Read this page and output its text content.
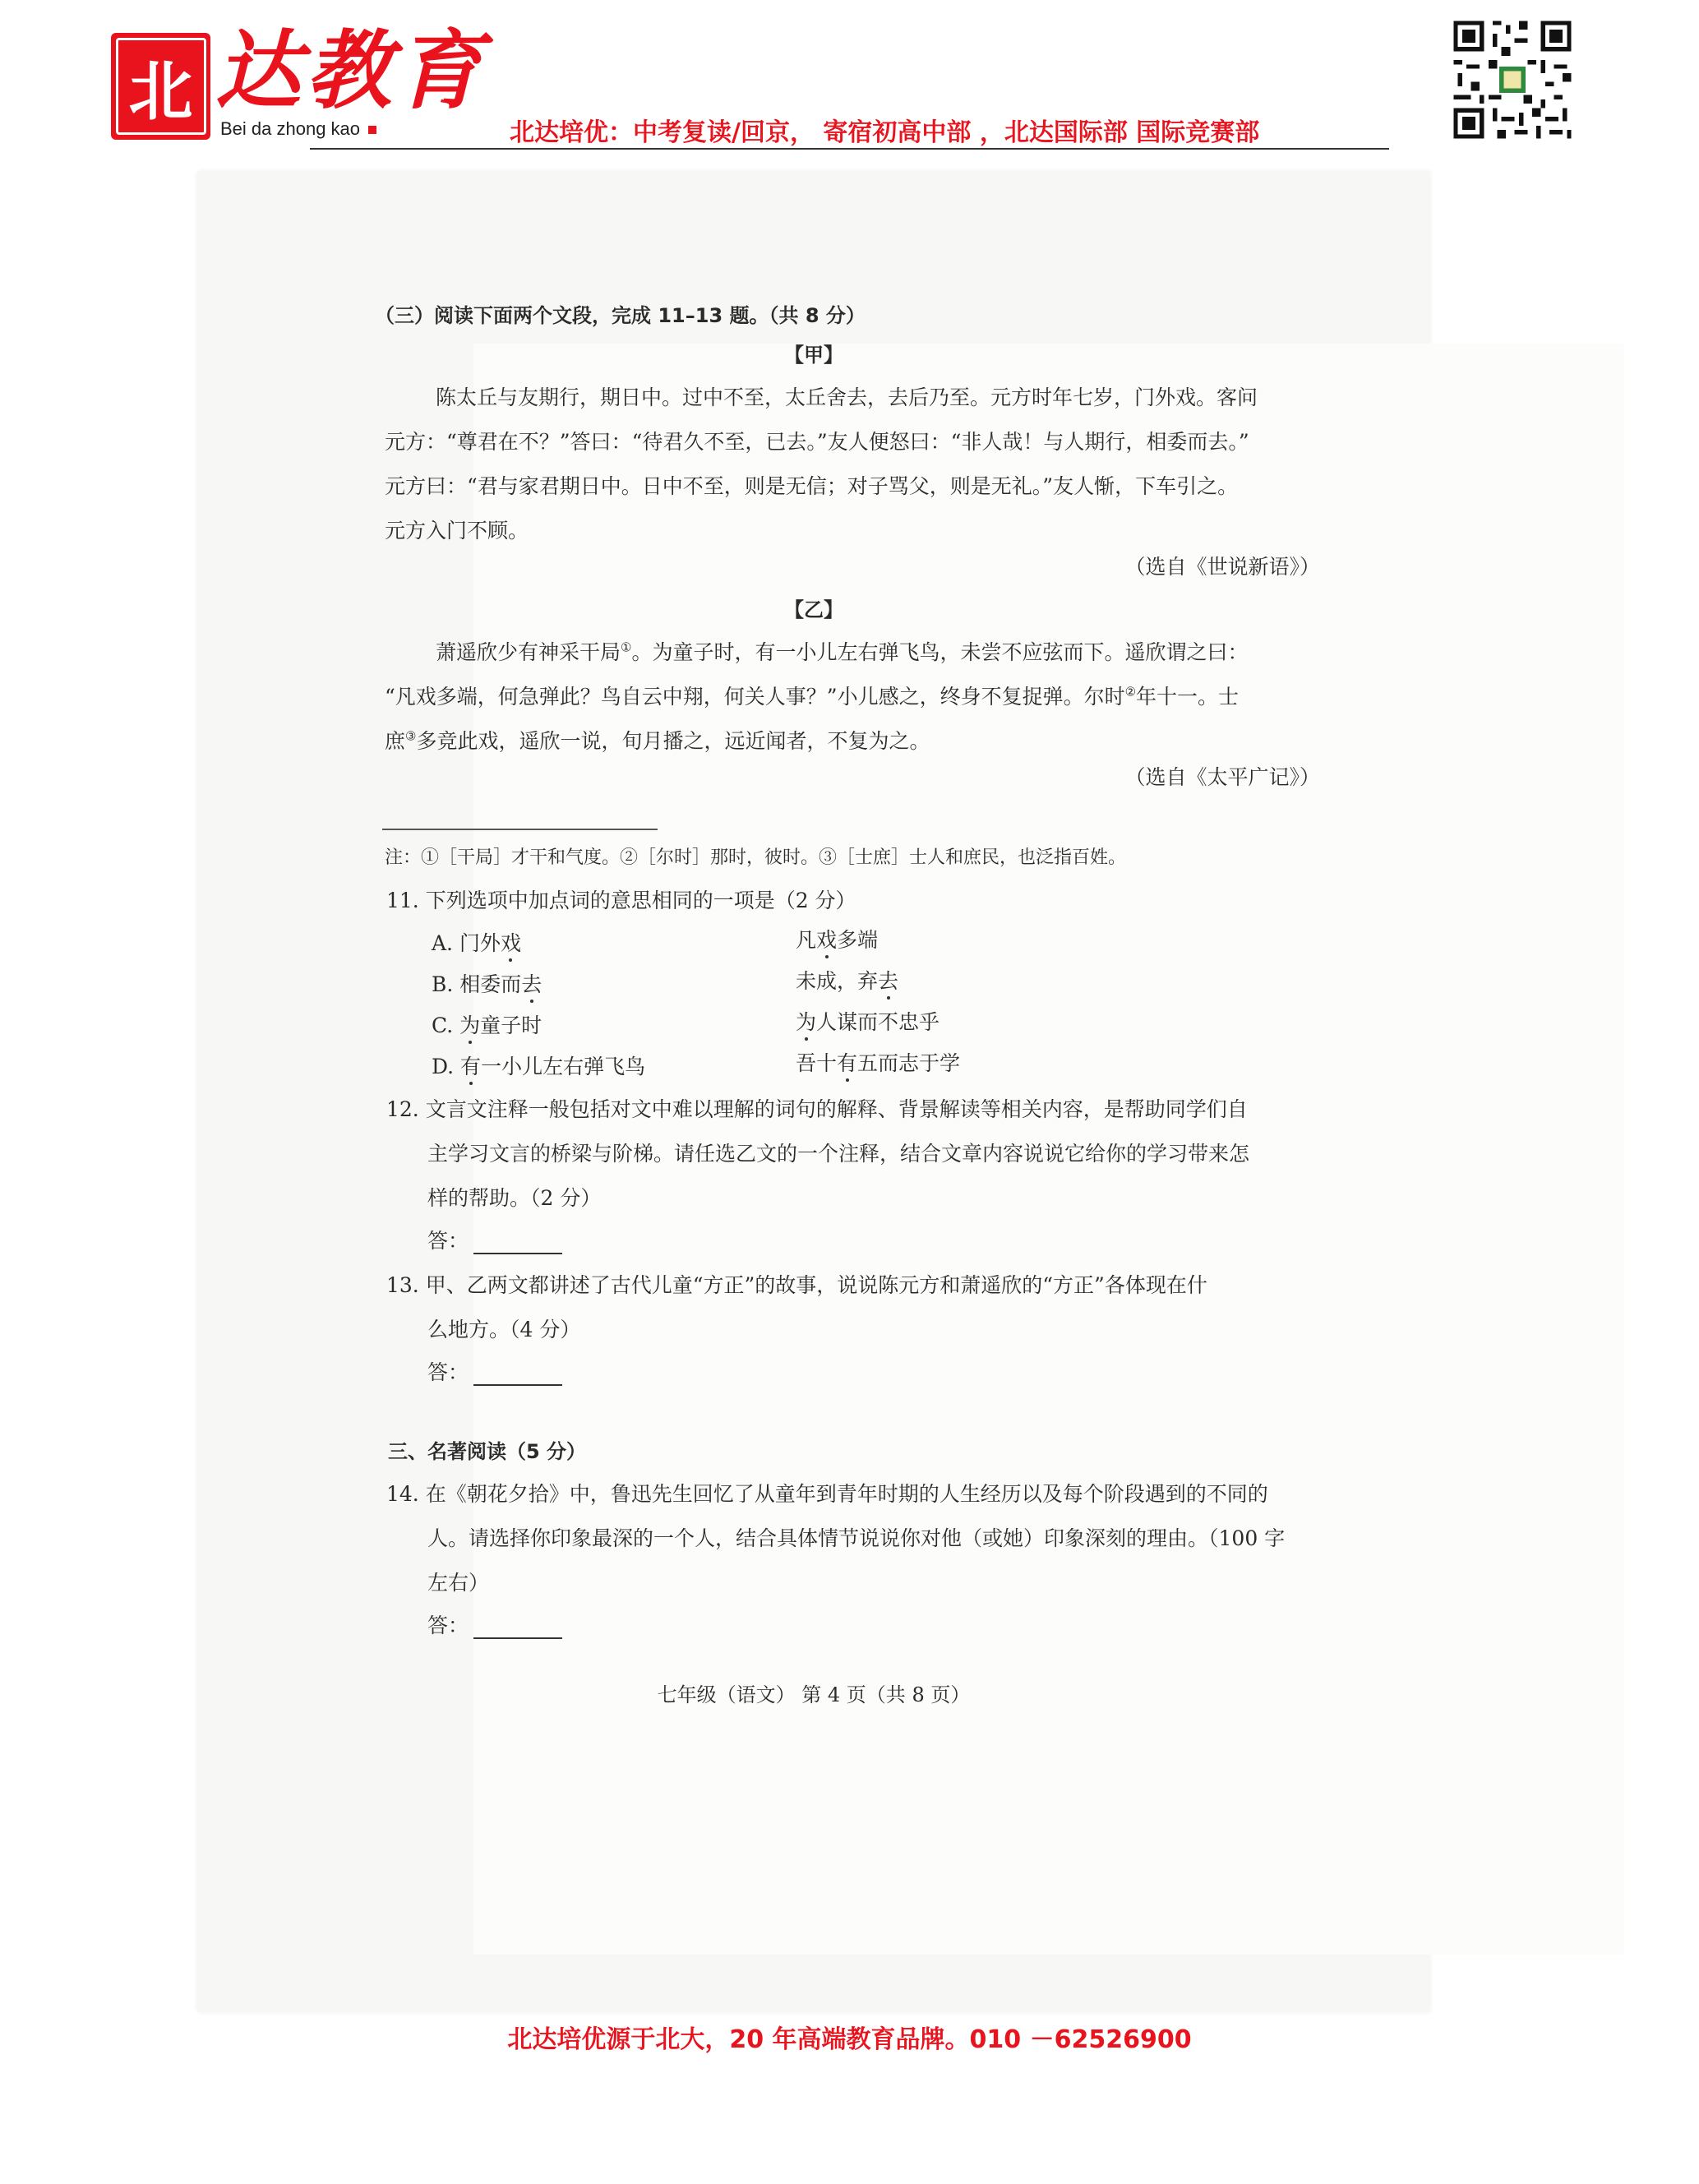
北 达教育
Bei da zhong kao	北达培优：中考复读/回京， 寄宿初高中部 ，北达国际部 国际竞赛部
（三）阅读下面两个文段，完成 11–13 题。（共 8 分）
【甲】
陈太丘与友期行，期日中。过中不至，太丘舍去，去后乃至。元方时年七岁，门外戏。客问
元方：“尊君在不？”答曰：“待君久不至，已去。”友人便怒曰：“非人哉！与人期行，相委而去。”
元方曰：“君与家君期日中。日中不至，则是无信；对子骂父，则是无礼。”友人惭，下车引之。
元方入门不顾。
（选自《世说新语》）
【乙】
萧遥欣少有神采干局①。为童子时，有一小儿左右弹飞鸟，未尝不应弦而下。遥欣谓之曰：
“凡戏多端，何急弹此？鸟自云中翔，何关人事？”小儿感之，终身不复捉弹。尔时②年十一。士
庶③多竞此戏，遥欣一说，旬月播之，远近闻者，不复为之。
（选自《太平广记》）
注：①［干局］才干和气度。②［尔时］那时，彼时。③［士庶］士人和庶民，也泛指百姓。
11. 下列选项中加点词的意思相同的一项是（2 分）
A. 门外戏	凡戏多端
B. 相委而去	未成，弃去
C. 为童子时	为人谋而不忠乎
D. 有一小儿左右弹飞鸟	吾十有五而志于学
12. 文言文注释一般包括对文中难以理解的词句的解释、背景解读等相关内容，是帮助同学们自
主学习文言的桥梁与阶梯。请任选乙文的一个注释，结合文章内容说说它给你的学习带来怎
样的帮助。（2 分）
答：
13. 甲、乙两文都讲述了古代儿童“方正”的故事，说说陈元方和萧遥欣的“方正”各体现在什
么地方。（4 分）
答：
三、名著阅读（5 分）
14. 在《朝花夕拾》中，鲁迅先生回忆了从童年到青年时期的人生经历以及每个阶段遇到的不同的
人。请选择你印象最深的一个人，结合具体情节说说你对他（或她）印象深刻的理由。（100 字
左右）
答：
七年级（语文） 第 4 页（共 8 页）
北达培优源于北大，20 年高端教育品牌。010 －62526900
